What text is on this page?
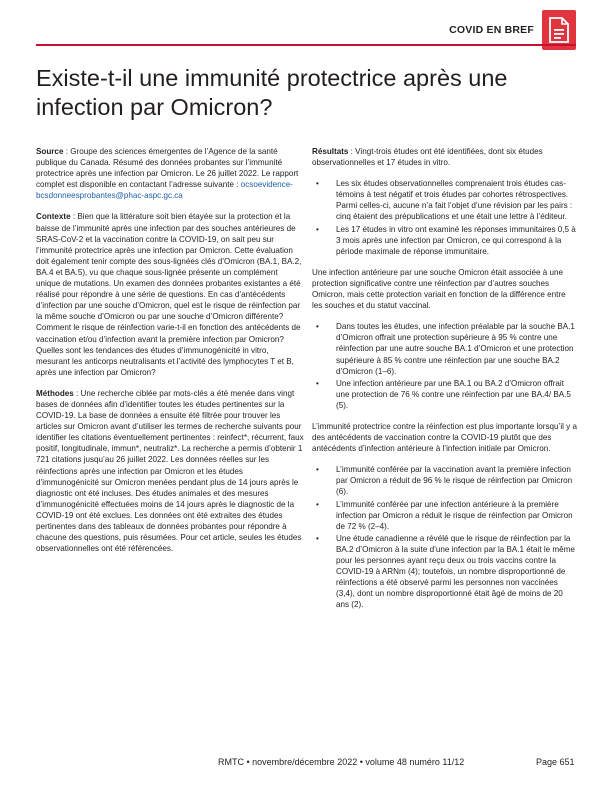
COVID EN BREF
Existe-t-il une immunité protectrice après une infection par Omicron?

Source : Groupe des sciences émergentes de l’Agence de la santé publique du Canada. Résumé des données probantes sur l’immunité protectrice après une infection par Omicron. Le 26 juillet 2022. Le rapport complet est disponible en contactant l’adresse suivante : ocsoevidence-bcsdonneesprobantes@phac-aspc.gc.ca

Contexte : Bien que la littérature soit bien étayée sur la protection et la baisse de l’immunité après une infection par des souches antérieures de SRAS-CoV-2 et la vaccination contre la COVID-19, on sait peu sur l’immunité protectrice après une infection par Omicron. Cette évaluation doit également tenir compte des sous-lignées clés d’Omicron (BA.1, BA.2, BA.4 et BA.5), vu que chaque sous-lignée présente un complément unique de mutations. Un examen des données probantes existantes a été réalisé pour répondre à une série de questions. En cas d’antécédents d’infection par une souche d’Omicron, quel est le risque de réinfection par la même souche d’Omicron ou par une souche d’Omicron différente? Comment le risque de réinfection varie-t-il en fonction des antécédents de vaccination et/ou d’infection avant la première infection par Omicron? Quelles sont les tendances des études d’immunogénicité in vitro, mesurant les anticorps neutralisants et l’activité des lymphocytes T et B, après une infection par Omicron?

Méthodes : Une recherche ciblée par mots-clés a été menée dans vingt bases de données afin d’identifier toutes les études pertinentes sur la COVID-19. La base de données a ensuite été filtrée pour trouver les articles sur Omicron avant d’utiliser les termes de recherche suivants pour identifier les citations éventuellement pertinentes : reinfect*, récurrent, faux positif, longitudinale, immun*, neutraliz*. La recherche a permis d’obtenir 1 721 citations jusqu’au 26 juillet 2022. Les données réelles sur les réinfections après une infection par Omicron et les études d’immunogénicité sur Omicron menées pendant plus de 14 jours après le diagnostic ont été incluses. Des études animales et des mesures d’immunogénicité effectuées moins de 14 jours après le diagnostic de la COVID-19 ont été exclues. Les données ont été extraites des études pertinentes dans des tableaux de données probantes pour répondre à chacune des questions, puis résumées. Pour cet article, seules les études observationnelles ont été référencées.

Résultats : Vingt-trois études ont été identifiées, dont six études observationnelles et 17 études in vitro.

• Les six études observationnelles comprenaient trois études cas-témoins à test négatif et trois études par cohortes rétrospectives. Parmi celles-ci, aucune n’a fait l’objet d’une révision par les pairs : cinq étaient des prépublications et une était une lettre à l’éditeur.
• Les 17 études in vitro ont examiné les réponses immunitaires 0,5 à 3 mois après une infection par Omicron, ce qui correspond à la période maximale de réponse immunitaire.

Une infection antérieure par une souche Omicron était associée à une protection significative contre une réinfection par d’autres souches Omicron, mais cette protection variait en fonction de la différence entre les souches et du statut vaccinal.

• Dans toutes les études, une infection préalable par la souche BA.1 d’Omicron offrait une protection supérieure à 95 % contre une réinfection par une autre souche BA.1 d’Omicron et une protection supérieure à 85 % contre une réinfection par une souche BA.2 d’Omicron (1–6).
• Une infection antérieure par une BA.1 ou BA.2 d’Omicron offrait une protection de 76 % contre une réinfection par une BA.4/ BA.5 (5).

L’immunité protectrice contre la réinfection est plus importante lorsqu’il y a des antécédents de vaccination contre la COVID-19 plutôt que des antécédents d’infection antérieure à l’infection initiale par Omicron.

• L’immunité conférée par la vaccination avant la première infection par Omicron a réduit de 96 % le risque de réinfection par Omicron (6).
• L’immunité conférée par une infection antérieure à la première infection par Omicron a réduit le risque de réinfection par Omicron de 72 % (2–4).
• Une étude canadienne a révélé que le risque de réinfection par la BA.2 d’Omicron à la suite d’une infection par la BA.1 était le même pour les personnes ayant reçu deux ou trois vaccins contre la COVID-19 à ARNm (4); toutefois, un nombre disproportionné de réinfections a été observé parmi les personnes non vaccinées (3,4), dont un nombre disproportionné était âgé de moins de 20 ans (2).
RMTC • novembre/décembre 2022 • volume 48 numéro 11/12	Page 651
